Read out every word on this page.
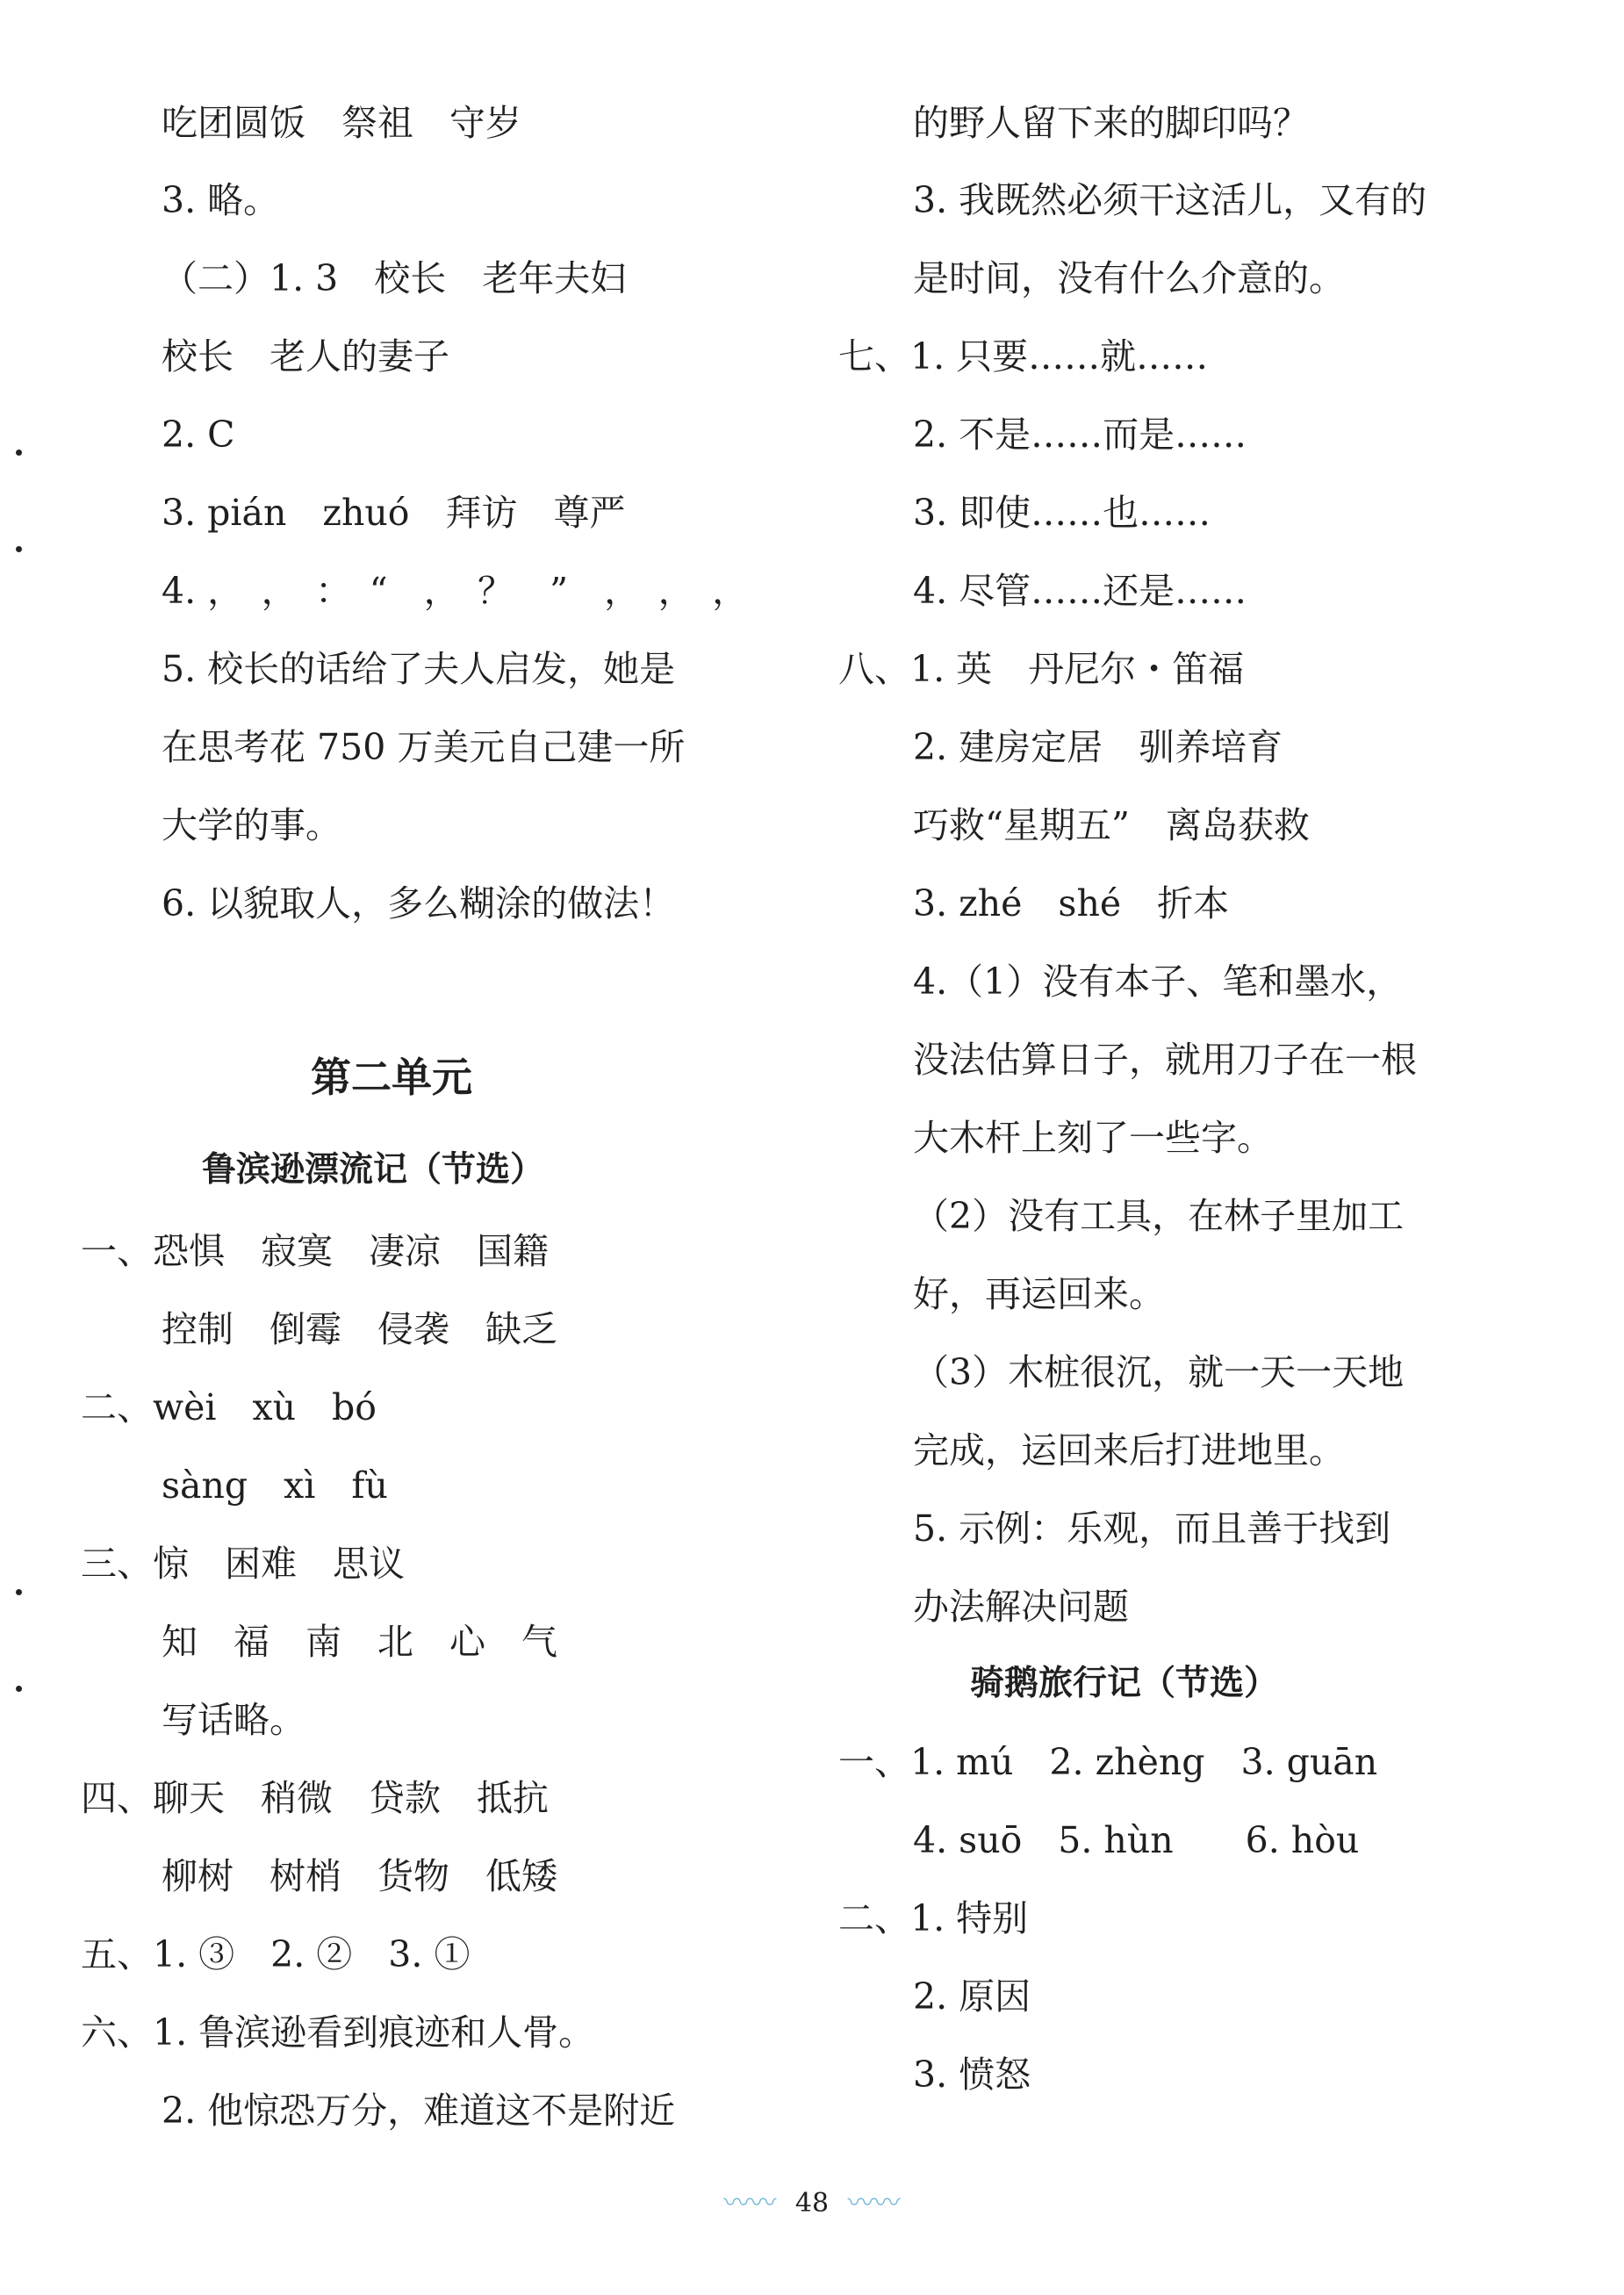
吃团圆饭　祭祖　守岁
3. 略。
（二）1. 3　校长　老年夫妇
校长　老人的妻子
2. C
3. pián　zhuó　拜访　尊严
4. ，　，　：　“　，　？　”　，　，　，
5. 校长的话给了夫人启发，她是
在思考花 750 万美元自己建一所
大学的事。
6. 以貌取人，多么糊涂的做法！
第二单元
鲁滨逊漂流记（节选）
一、恐惧　寂寞　凄凉　国籍
控制　倒霉　侵袭　缺乏
二、wèi　xù　bó
sàng　xì　fù
三、惊　困难　思议
知　福　南　北　心　气
写话略。
四、聊天　稍微　贷款　抵抗
柳树　树梢　货物　低矮
五、1. ③　2. ②　3. ①
六、1. 鲁滨逊看到痕迹和人骨。
2. 他惊恐万分，难道这不是附近
的野人留下来的脚印吗？
3. 我既然必须干这活儿，又有的
是时间，没有什么介意的。
七、1. 只要……就……
2. 不是……而是……
3. 即使……也……
4. 尽管……还是……
八、1. 英　丹尼尔・笛福
2. 建房定居　驯养培育
巧救“星期五”　离岛获救
3. zhé　shé　折本
4.（1）没有本子、笔和墨水，
没法估算日子，就用刀子在一根
大木杆上刻了一些字。
（2）没有工具，在林子里加工
好，再运回来。
（3）木桩很沉，就一天一天地
完成，运回来后打进地里。
5. 示例：乐观，而且善于找到
办法解决问题
骑鹅旅行记（节选）
一、1. mú　2. zhèng　3. guān
4. suō　5. hùn　　6. hòu
二、1. 特别
2. 原因
3. 愤怒
〰〰 48 〰〰
